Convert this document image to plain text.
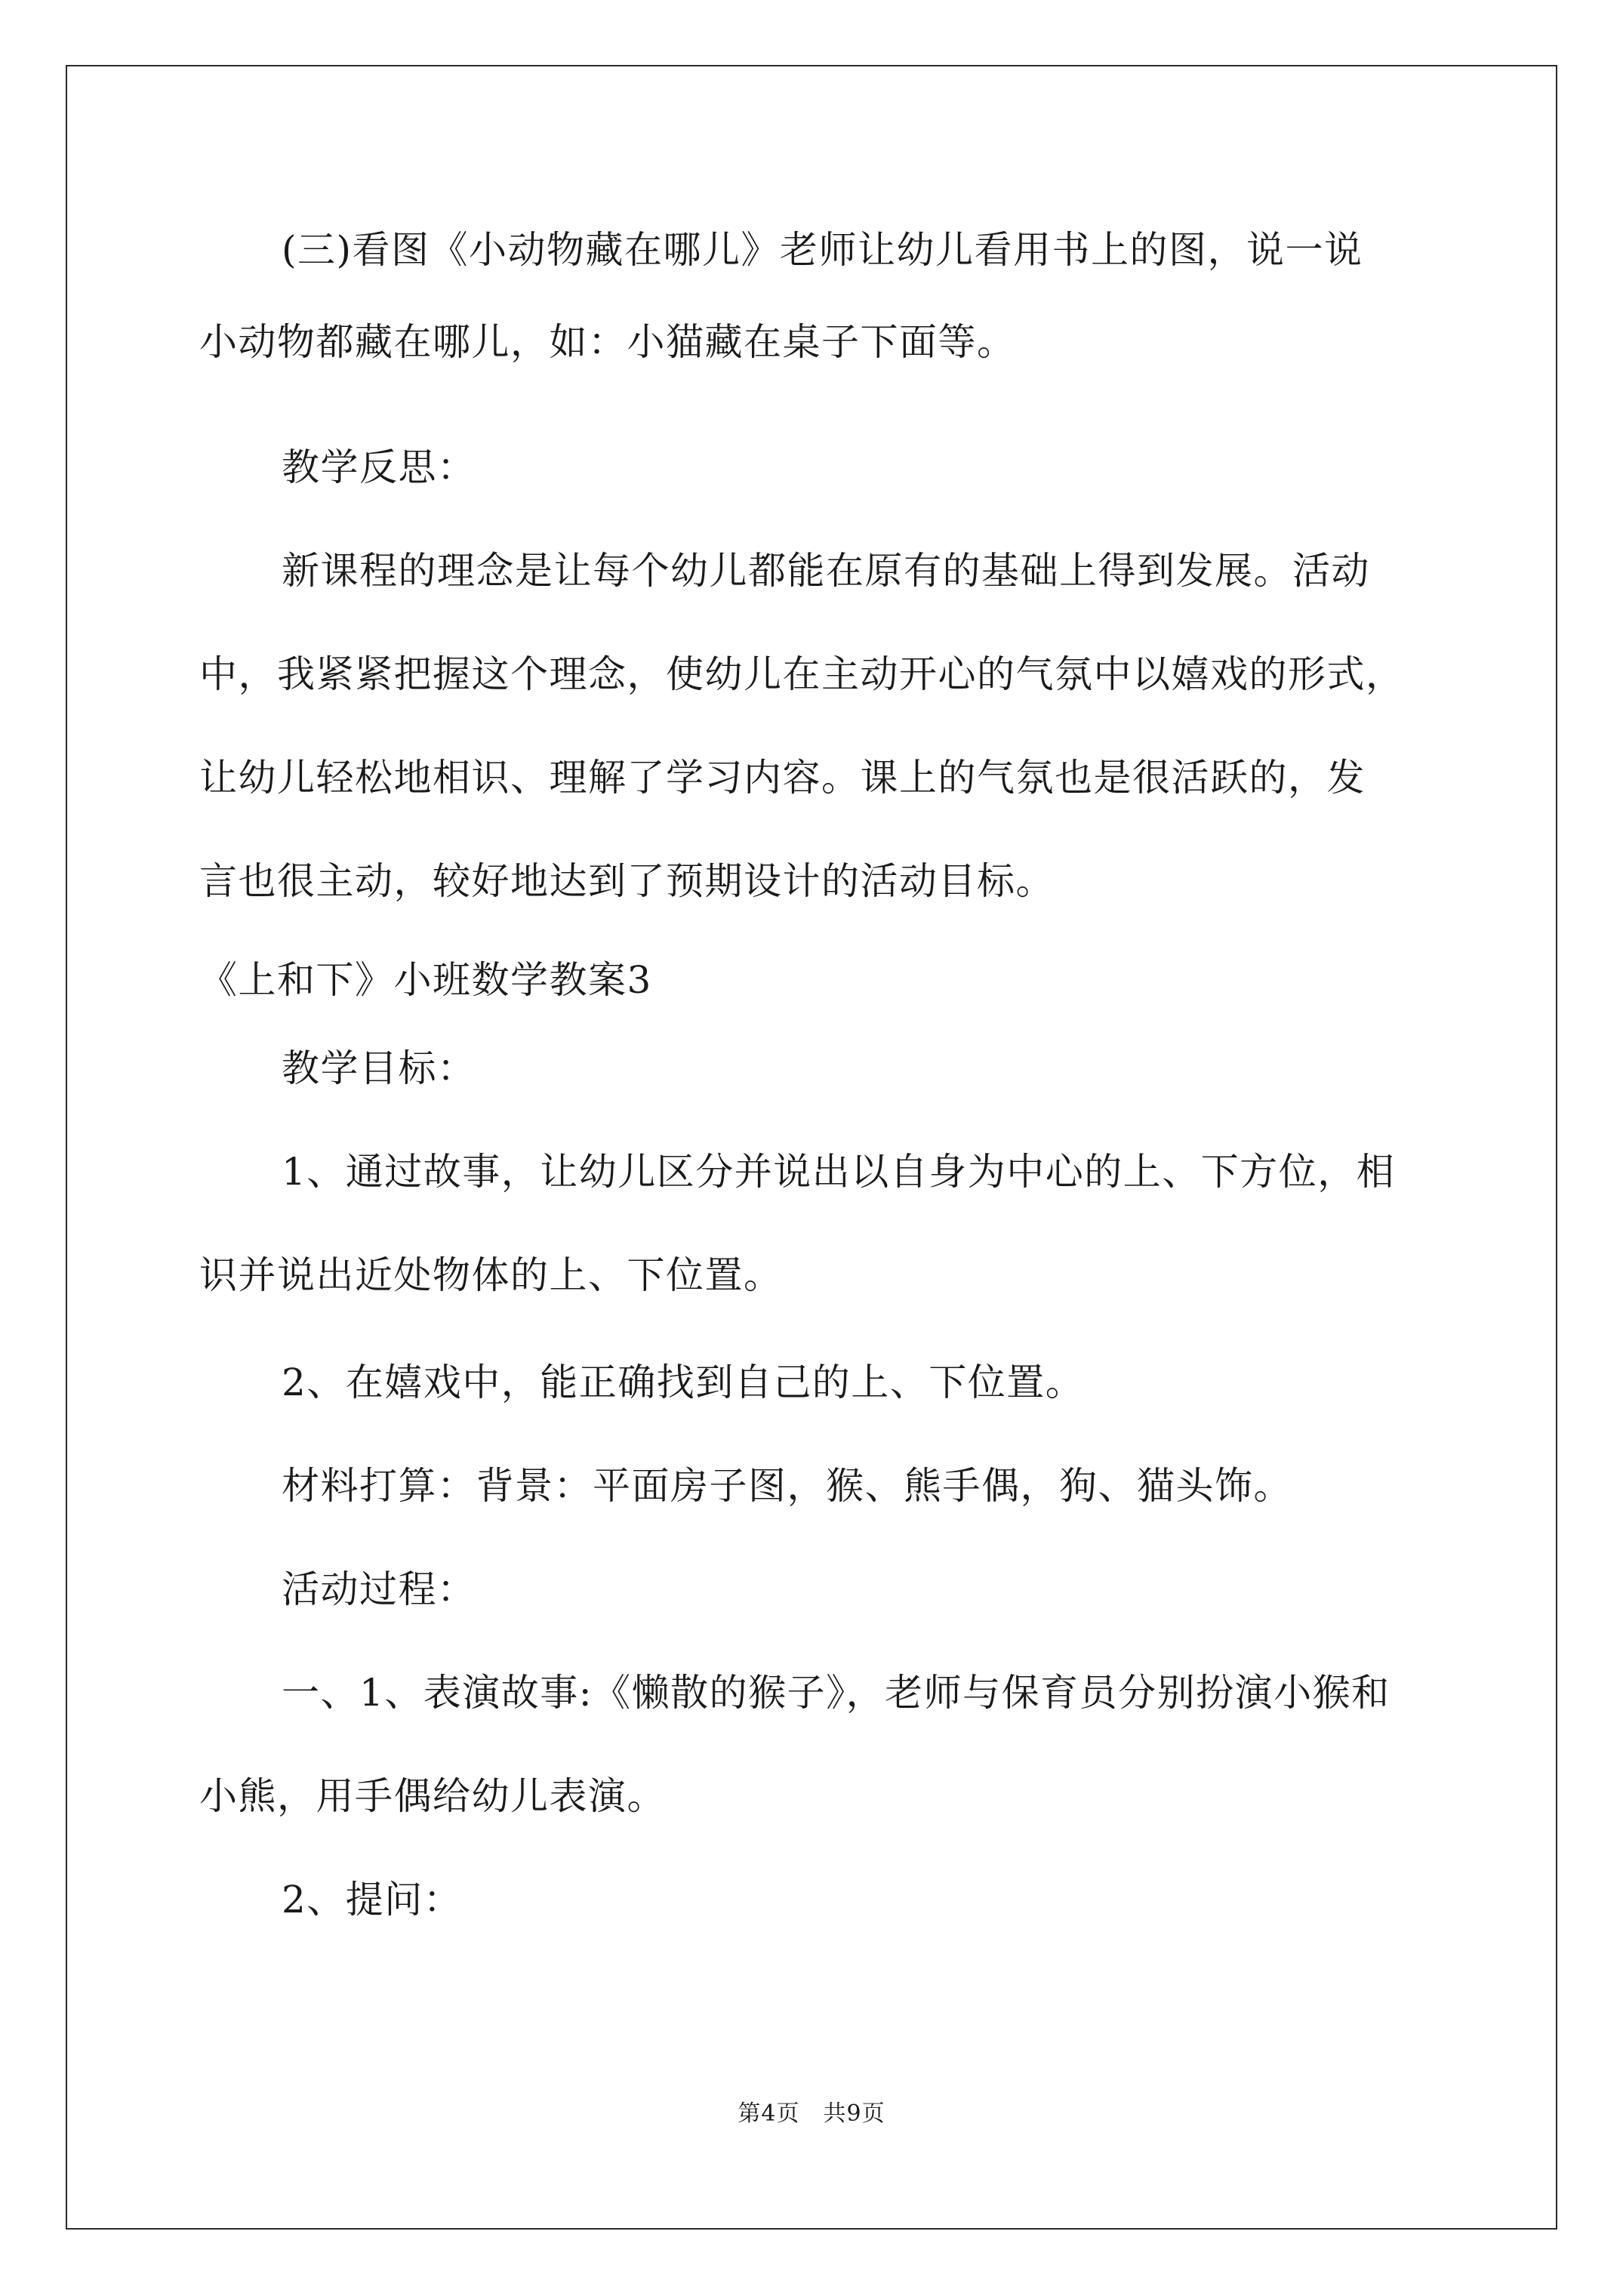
(三)看图《小动物藏在哪儿》老师让幼儿看用书上的图，说一说
小动物都藏在哪儿，如：小猫藏在桌子下面等。
教学反思：
新课程的理念是让每个幼儿都能在原有的基础上得到发展。活动
中，我紧紧把握这个理念，使幼儿在主动开心的气氛中以嬉戏的形式，
让幼儿轻松地相识、理解了学习内容。课上的气氛也是很活跃的，发
言也很主动，较好地达到了预期设计的活动目标。
《上和下》小班数学教案3
教学目标：
1、通过故事，让幼儿区分并说出以自身为中心的上、下方位，相
识并说出近处物体的上、下位置。
2、在嬉戏中，能正确找到自己的上、下位置。
材料打算：背景：平面房子图，猴、熊手偶，狗、猫头饰。
活动过程：
一、1、表演故事:《懒散的猴子》，老师与保育员分别扮演小猴和
小熊，用手偶给幼儿表演。
2、提问：
第4页　共9页
